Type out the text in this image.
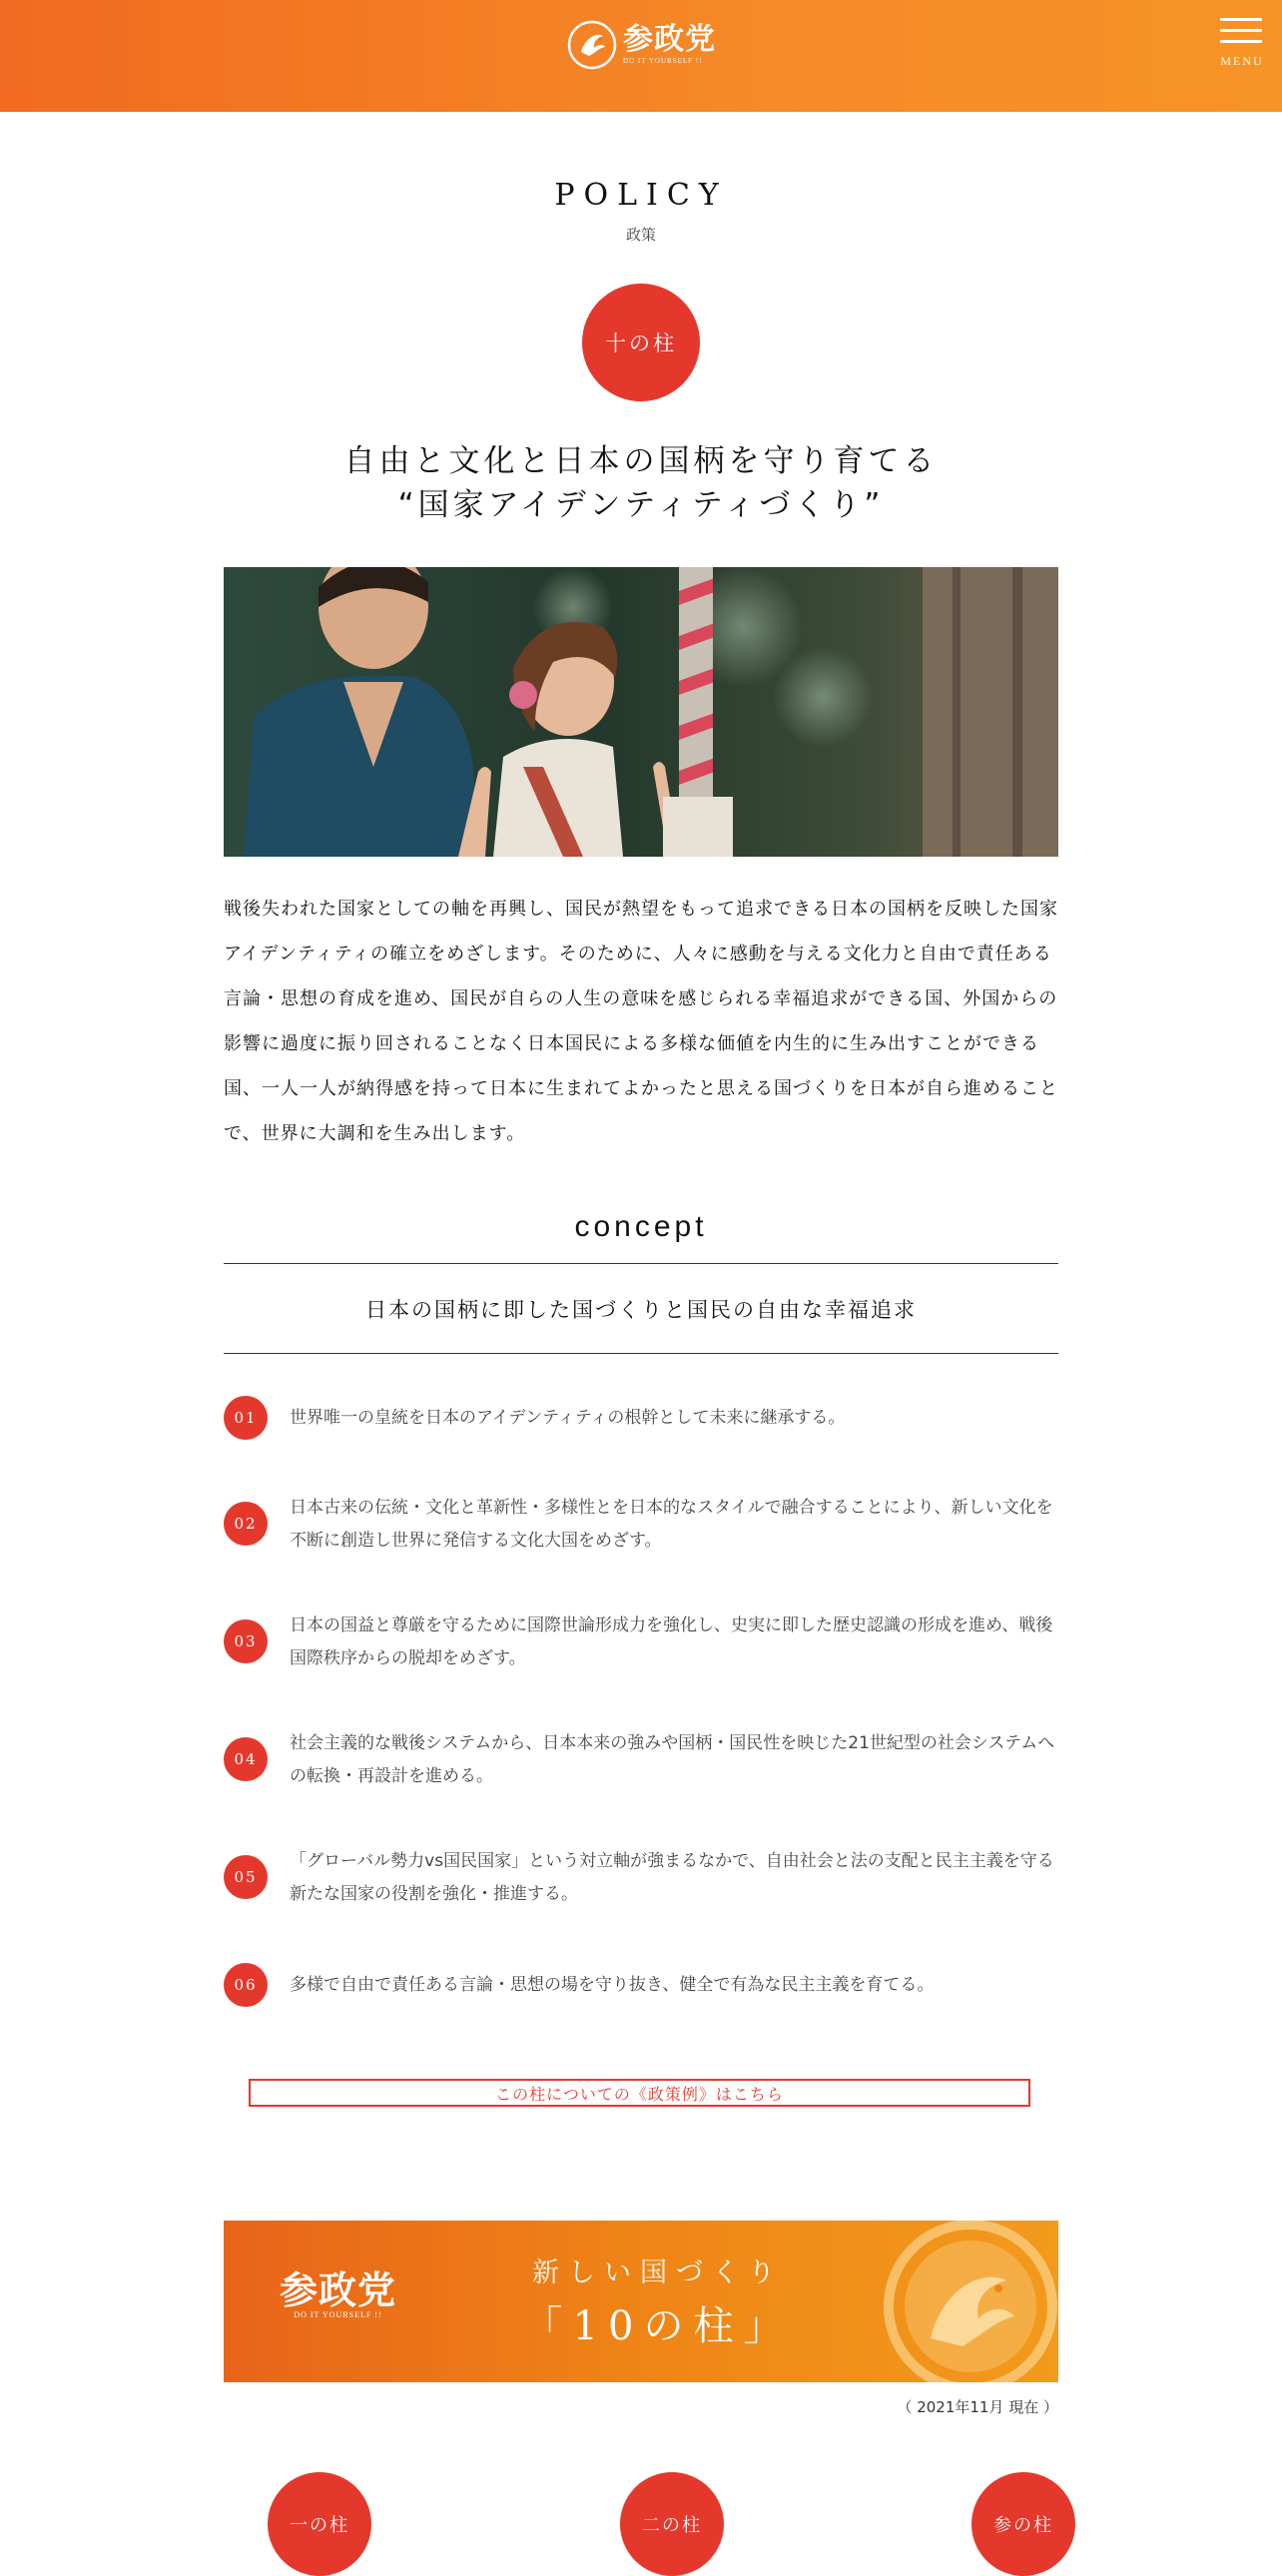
参政党
DO IT YOURSELF !!	MENU
POLICY
政策
十の柱
自由と文化と日本の国柄を守り育てる
“国家アイデンティティづくり”
戦後失われた国家としての軸を再興し、国民が熱望をもって追求できる日本の国柄を反映した国家アイデンティティの確立をめざします。そのために、人々に感動を与える文化力と自由で責任ある言論・思想の育成を進め、国民が自らの人生の意味を感じられる幸福追求ができる国、外国からの影響に過度に振り回されることなく日本国民による多様な価値を内生的に生み出すことができる国、一人一人が納得感を持って日本に生まれてよかったと思える国づくりを日本が自ら進めることで、世界に大調和を生み出します。
concept
日本の国柄に即した国づくりと国民の自由な幸福追求
01	世界唯一の皇統を日本のアイデンティティの根幹として未来に継承する。
02
日本古来の伝統・文化と革新性・多様性とを日本的なスタイルで融合することにより、新しい文化を不断に創造し世界に発信する文化大国をめざす。
03
日本の国益と尊厳を守るために国際世論形成力を強化し、史実に即した歴史認識の形成を進め、戦後国際秩序からの脱却をめざす。
04
社会主義的な戦後システムから、日本本来の強みや国柄・国民性を映じた21世紀型の社会システムへの転換・再設計を進める。
05
「グローバル勢力vs国民国家」という対立軸が強まるなかで、自由社会と法の支配と民主主義を守る新たな国家の役割を強化・推進する。
06	多様で自由で責任ある言論・思想の場を守り抜き、健全で有為な民主主義を育てる。
この柱についての《政策例》はこちら
参政党
DO IT YOURSELF !!
新しい国づくり
「10の柱」
（ 2021年11月 現在 ）
一の柱	二の柱	参の柱
